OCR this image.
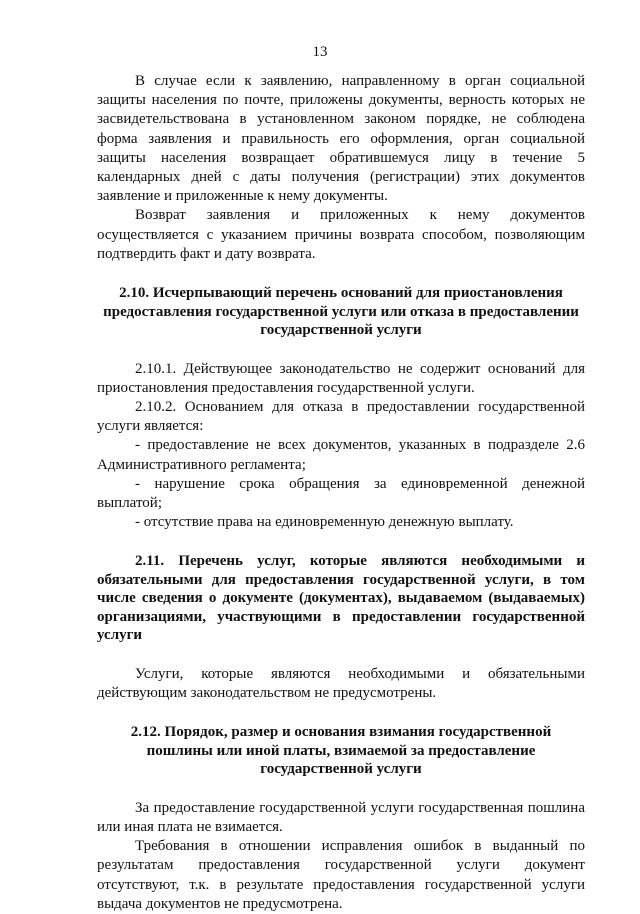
13

В случае если к заявлению, направленному в орган социальной защиты населения по почте, приложены документы, верность которых не засвидетельствована в установленном законом порядке, не соблюдена форма заявления и правильность его оформления, орган социальной защиты населения возвращает обратившемуся лицу в течение 5 календарных дней с даты получения (регистрации) этих документов заявление и приложенные к нему документы.

Возврат заявления и приложенных к нему документов осуществляется с указанием причины возврата способом, позволяющим подтвердить факт и дату возврата.

2.10. Исчерпывающий перечень оснований для приостановления предоставления государственной услуги или отказа в предоставлении государственной услуги

2.10.1. Действующее законодательство не содержит оснований для приостановления предоставления государственной услуги.

2.10.2. Основанием для отказа в предоставлении государственной услуги является:

- предоставление не всех документов, указанных в подразделе 2.6 Административного регламента;

- нарушение срока обращения за единовременной денежной выплатой;

- отсутствие права на единовременную денежную выплату.

2.11. Перечень услуг, которые являются необходимыми и обязательными для предоставления государственной услуги, в том числе сведения о документе (документах), выдаваемом (выдаваемых) организациями, участвующими в предоставлении государственной услуги

Услуги, которые являются необходимыми и обязательными действующим законодательством не предусмотрены.

2.12. Порядок, размер и основания взимания государственной пошлины или иной платы, взимаемой за предоставление государственной услуги

За предоставление государственной услуги государственная пошлина или иная плата не взимается.

Требования в отношении исправления ошибок в выданный по результатам предоставления государственной услуги документ отсутствуют, т.к. в результате предоставления государственной услуги выдача документов не предусмотрена.
